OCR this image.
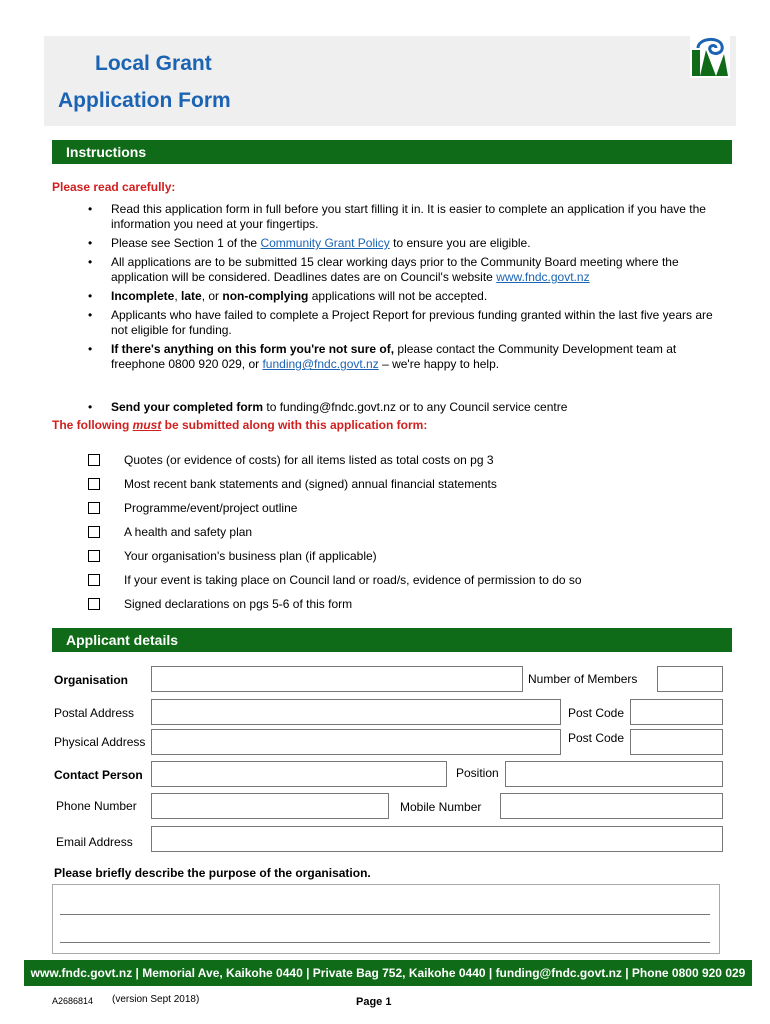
Local Grant
Application Form
Instructions
Please read carefully:
• Read this application form in full before you start filling it in. It is easier to complete an application if you have the information you need at your fingertips.
• Please see Section 1 of the Community Grant Policy to ensure you are eligible.
• All applications are to be submitted 15 clear working days prior to the Community Board meeting where the application will be considered. Deadlines dates are on Council's website www.fndc.govt.nz
• Incomplete, late, or non-complying applications will not be accepted.
• Applicants who have failed to complete a Project Report for previous funding granted within the last five years are not eligible for funding.
• If there's anything on this form you're not sure of, please contact the Community Development team at freephone 0800 920 029, or funding@fndc.govt.nz – we're happy to help.
• Send your completed form to funding@fndc.govt.nz or to any Council service centre
The following must be submitted along with this application form:
Quotes (or evidence of costs) for all items listed as total costs on pg 3
Most recent bank statements and (signed) annual financial statements
Programme/event/project outline
A health and safety plan
Your organisation's business plan (if applicable)
If your event is taking place on Council land or road/s, evidence of permission to do so
Signed declarations on pgs 5-6 of this form
Applicant details
Organisation	Number of Members
Postal Address	Post Code
Physical Address	Post Code
Contact Person	Position
Phone Number	Mobile Number
Email Address
Please briefly describe the purpose of the organisation.
www.fndc.govt.nz | Memorial Ave, Kaikohe 0440 | Private Bag 752, Kaikohe 0440 | funding@fndc.govt.nz | Phone 0800 920 029
A2686814 (version Sept 2018)	Page 1
